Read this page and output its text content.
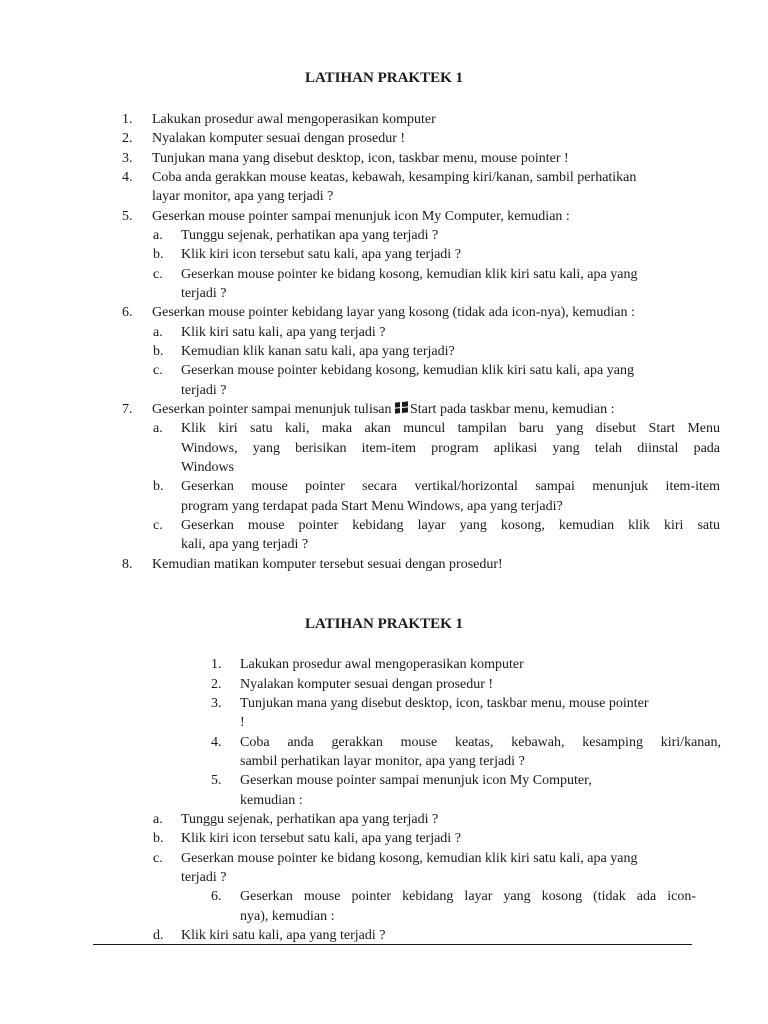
LATIHAN PRAKTEK 1
1. Lakukan prosedur awal mengoperasikan komputer
2. Nyalakan komputer sesuai dengan prosedur !
3. Tunjukan mana yang disebut desktop, icon, taskbar menu, mouse pointer !
4. Coba anda gerakkan mouse keatas, kebawah, kesamping kiri/kanan, sambil perhatikan
layar monitor, apa yang terjadi ?
5. Geserkan mouse pointer sampai menunjuk icon My Computer, kemudian :
a. Tunggu sejenak, perhatikan apa yang terjadi ?
b. Klik kiri icon tersebut satu kali, apa yang terjadi ?
c. Geserkan mouse pointer ke bidang kosong, kemudian klik kiri satu kali, apa yang
terjadi ?
6. Geserkan mouse pointer kebidang layar yang kosong (tidak ada icon-nya), kemudian :
a. Klik kiri satu kali, apa yang terjadi ?
b. Kemudian klik kanan satu kali, apa yang terjadi?
c. Geserkan mouse pointer kebidang kosong, kemudian klik kiri satu kali, apa yang
terjadi ?
7. Geserkan pointer sampai menunjuk tulisan Start pada taskbar menu, kemudian :
a. Klik kiri satu kali, maka akan muncul tampilan baru yang disebut Start Menu
Windows, yang berisikan item-item program aplikasi yang telah diinstal pada
Windows
b. Geserkan mouse pointer secara vertikal/horizontal sampai menunjuk item-item
program yang terdapat pada Start Menu Windows, apa yang terjadi?
c. Geserkan mouse pointer kebidang layar yang kosong, kemudian klik kiri satu
kali, apa yang terjadi ?
8. Kemudian matikan komputer tersebut sesuai dengan prosedur!
LATIHAN PRAKTEK 1
1. Lakukan prosedur awal mengoperasikan komputer
2. Nyalakan komputer sesuai dengan prosedur !
3. Tunjukan mana yang disebut desktop, icon, taskbar menu, mouse pointer
!
4. Coba anda gerakkan mouse keatas, kebawah, kesamping kiri/kanan,
sambil perhatikan layar monitor, apa yang terjadi ?
5. Geserkan mouse pointer sampai menunjuk icon My Computer,
kemudian :
a. Tunggu sejenak, perhatikan apa yang terjadi ?
b. Klik kiri icon tersebut satu kali, apa yang terjadi ?
c. Geserkan mouse pointer ke bidang kosong, kemudian klik kiri satu kali, apa yang
terjadi ?
6. Geserkan mouse pointer kebidang layar yang kosong (tidak ada icon-
nya), kemudian :
d. Klik kiri satu kali, apa yang terjadi ?
